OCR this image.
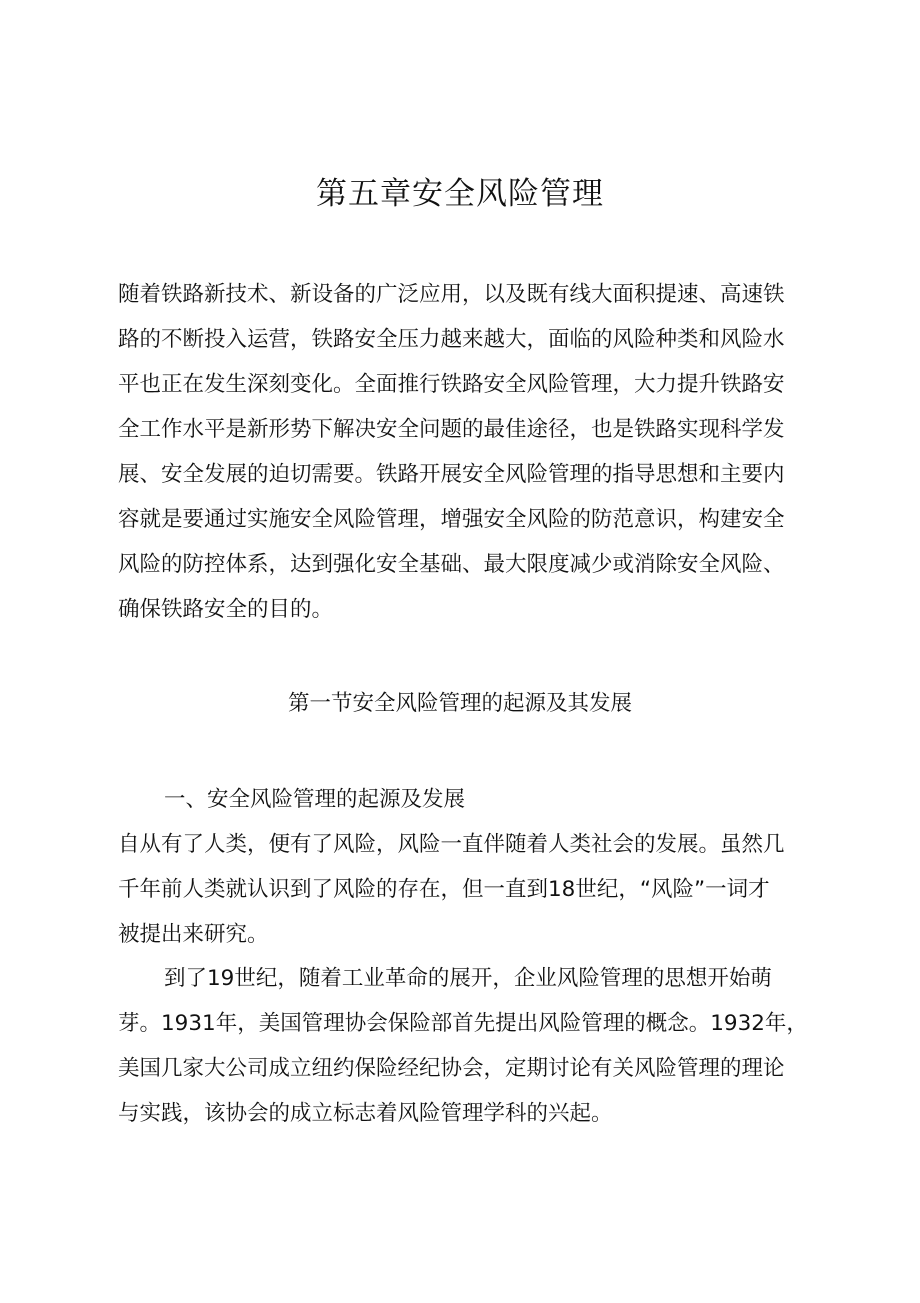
第五章安全风险管理
随着铁路新技术、新设备的广泛应用，以及既有线大面积提速、高速铁
路的不断投入运营，铁路安全压力越来越大，面临的风险种类和风险水
平也正在发生深刻变化。全面推行铁路安全风险管理，大力提升铁路安
全工作水平是新形势下解决安全问题的最佳途径，也是铁路实现科学发
展、安全发展的迫切需要。铁路开展安全风险管理的指导思想和主要内
容就是要通过实施安全风险管理，增强安全风险的防范意识，构建安全
风险的防控体系，达到强化安全基础、最大限度减少或消除安全风险、
确保铁路安全的目的。
第一节安全风险管理的起源及其发展
一、安全风险管理的起源及发展
自从有了人类，便有了风险，风险一直伴随着人类社会的发展。虽然几
千年前人类就认识到了风险的存在，但一直到18世纪，“风险”一词才
被提出来研究。
到了19世纪，随着工业革命的展开，企业风险管理的思想开始萌
芽。1931年，美国管理协会保险部首先提出风险管理的概念。1932年，
美国几家大公司成立纽约保险经纪协会，定期讨论有关风险管理的理论
与实践，该协会的成立标志着风险管理学科的兴起。
